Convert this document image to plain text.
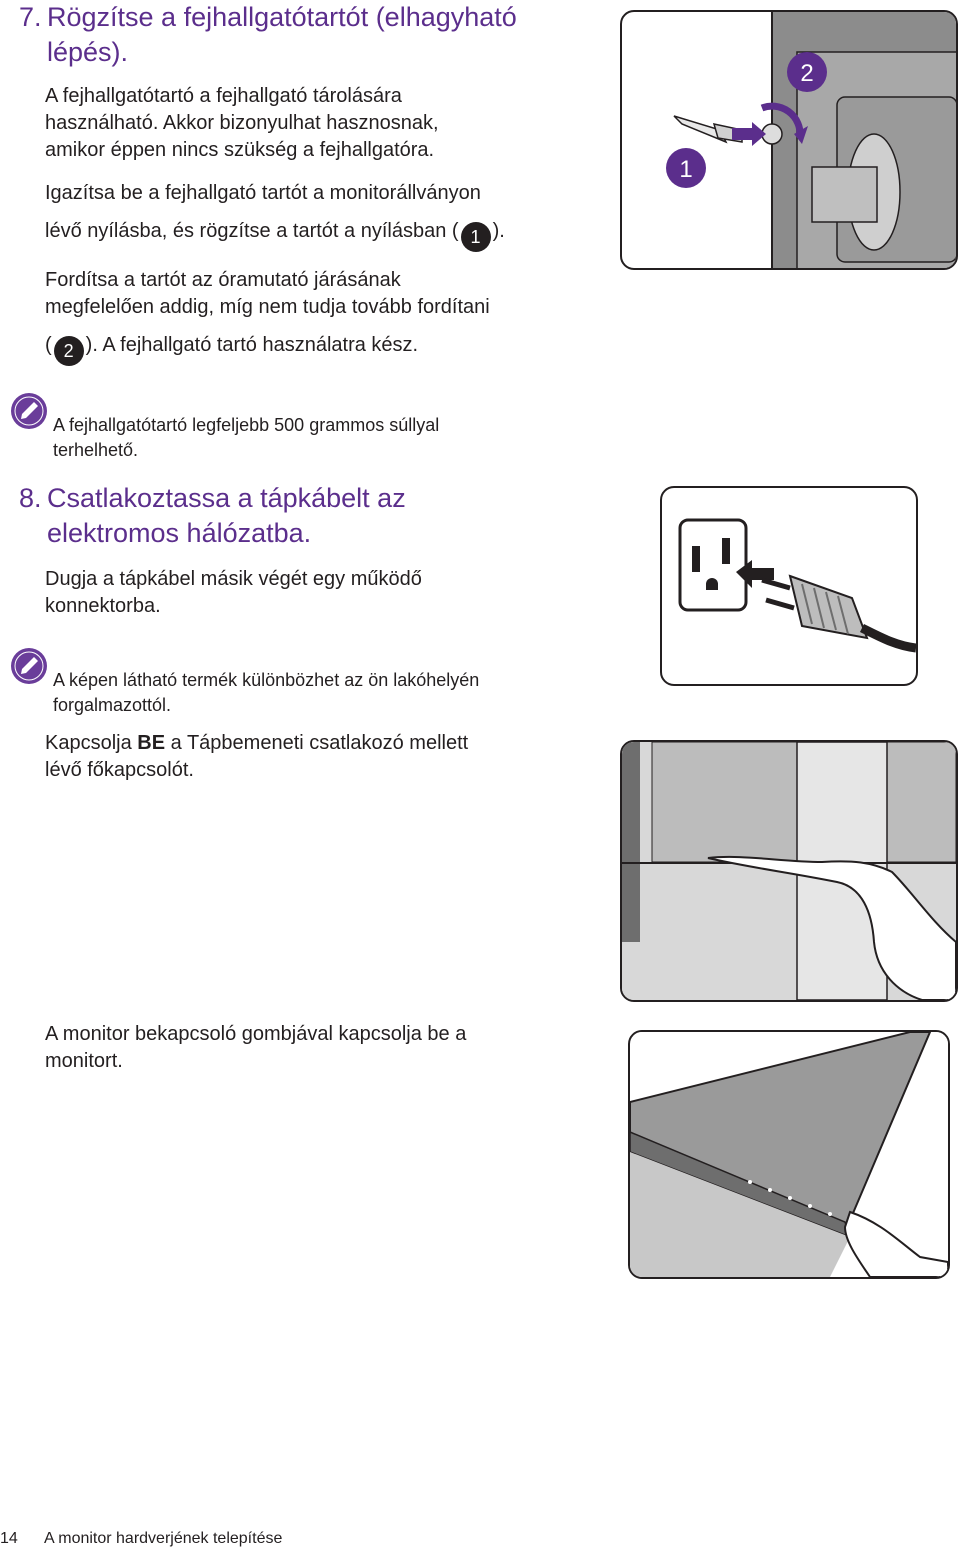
7. Rögzítse a fejhallgatótartót (elhagyható
lépés).
A fejhallgatótartó a fejhallgató tárolására
használható. Akkor bizonyulhat hasznosnak,
amikor éppen nincs szükség a fejhallgatóra.
Igazítsa be a fejhallgató tartót a monitorállványon
lévő nyílásba, és rögzítse a tartót a nyílásban ( 1 ).
Fordítsa a tartót az óramutató járásának
megfelelően addig, míg nem tudja tovább fordítani
( 2 ). A fejhallgató tartó használatra kész.
1
2
A fejhallgatótartó legfeljebb 500 grammos súllyal
terhelhető.
8. Csatlakoztassa a tápkábelt az
elektromos hálózatba.
Dugja a tápkábel másik végét egy működő
konnektorba.
A képen látható termék különbözhet az ön lakóhelyén
forgalmazottól.
Kapcsolja BE a Tápbemeneti csatlakozó mellett
lévő főkapcsolót.
A monitor bekapcsoló gombjával kapcsolja be a
monitort.
14 A monitor hardverjének telepítése
